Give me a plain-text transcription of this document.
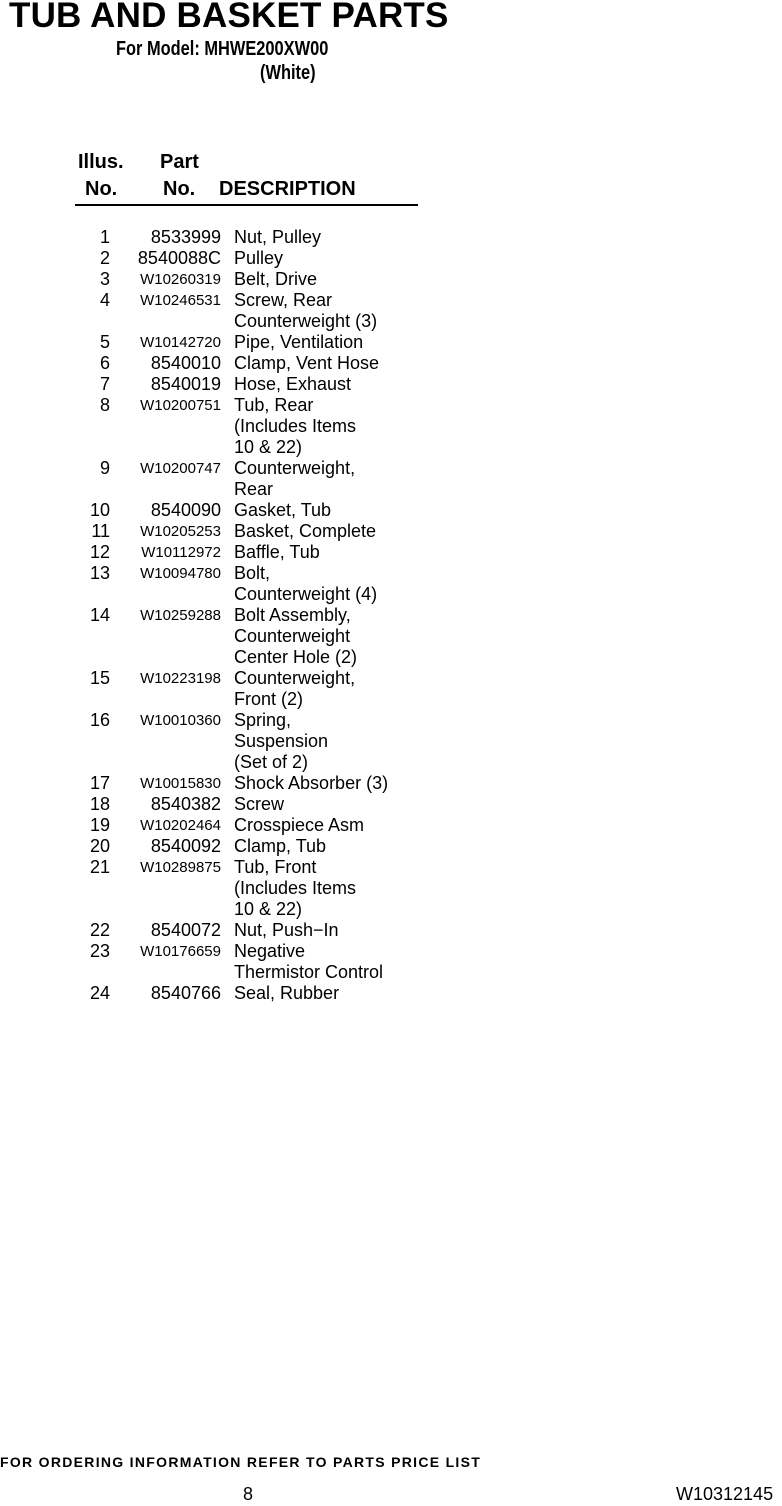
TUB AND BASKET PARTS
For Model: MHWE200XW00
(White)
Illus.
No.
Part
No. DESCRIPTION
1	8533999 Nut, Pulley
2	8540088C Pulley
3	W10260319 Belt, Drive
4	W10246531 Screw, Rear
Counterweight (3)
5	W10142720 Pipe, Ventilation
6	8540010 Clamp, Vent Hose
7	8540019 Hose, Exhaust
8	W10200751 Tub, Rear
(Includes Items
10 & 22)
9	W10200747 Counterweight,
Rear
10	8540090 Gasket, Tub
11	W10205253 Basket, Complete
12	W10112972 Baffle, Tub
13	W10094780 Bolt,
Counterweight (4)
14	W10259288 Bolt Assembly,
Counterweight
Center Hole (2)
15	W10223198 Counterweight,
Front (2)
16	W10010360 Spring,
Suspension
(Set of 2)
17	W10015830 Shock Absorber (3)
18	8540382 Screw
19	W10202464 Crosspiece Asm
20	8540092 Clamp, Tub
21	W10289875 Tub, Front
(Includes Items
10 & 22)
22	8540072 Nut, Push−In
23	W10176659 Negative
Thermistor Control
24	8540766 Seal, Rubber
FOR ORDERING INFORMATION REFER TO PARTS PRICE LIST
8	W10312145
